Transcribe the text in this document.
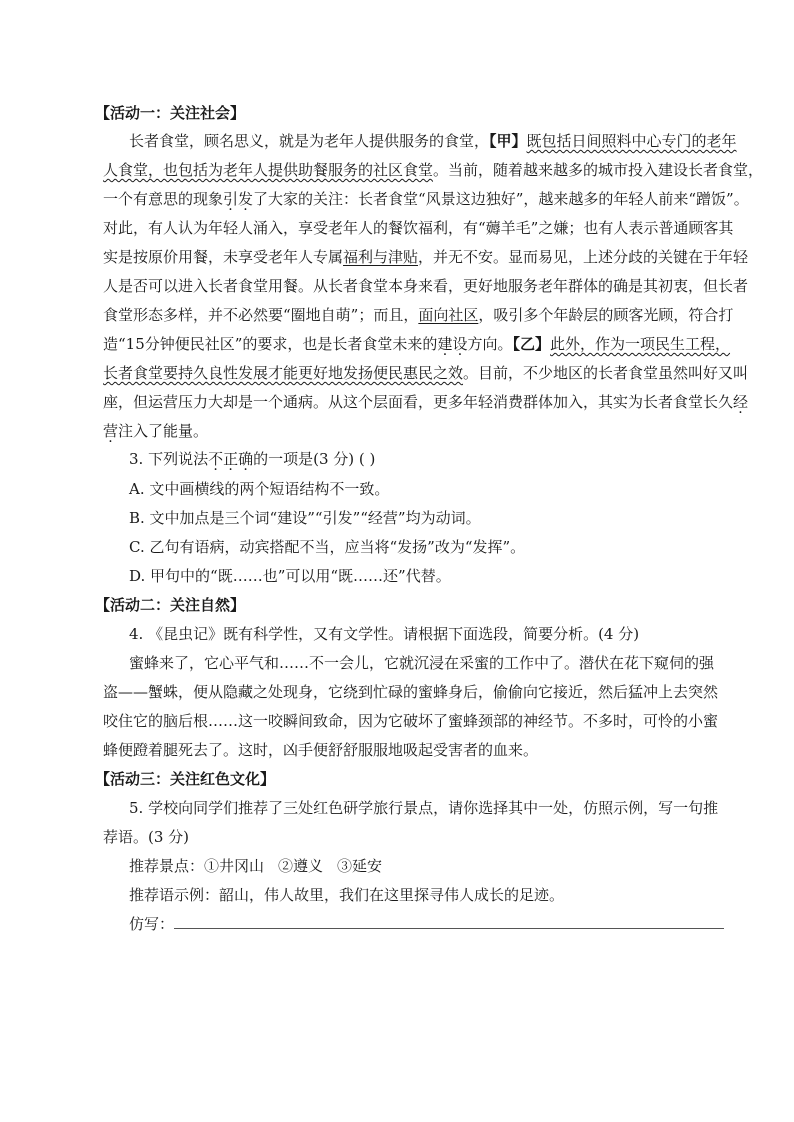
【活动一：关注社会】
长者食堂，顾名思义，就是为老年人提供服务的食堂，【甲】既包括日间照料中心专门的老年
人食堂，也包括为老年人提供助餐服务的社区食堂。当前，随着越来越多的城市投入建设长者食堂，
一个有意思的现象引发了大家的关注：长者食堂“风景这边独好”，越来越多的年轻人前来“蹭饭”。
对此，有人认为年轻人涌入，享受老年人的餐饮福利，有“薅羊毛”之嫌；也有人表示普通顾客其
实是按原价用餐，未享受老年人专属福利与津贴，并无不安。显而易见，上述分歧的关键在于年轻
人是否可以进入长者食堂用餐。从长者食堂本身来看，更好地服务老年群体的确是其初衷，但长者
食堂形态多样，并不必然要“圈地自萌”；而且，面向社区，吸引多个年龄层的顾客光顾，符合打
造“15分钟便民社区”的要求，也是长者食堂未来的建设方向。【乙】此外，作为一项民生工程，
长者食堂要持久良性发展才能更好地发扬便民惠民之效。目前，不少地区的长者食堂虽然叫好又叫
座，但运营压力大却是一个通病。从这个层面看，更多年轻消费群体加入，其实为长者食堂长久经
营注入了能量。
3. 下列说法不正确的一项是(3 分) ( )
A. 文中画横线的两个短语结构不一致。
B. 文中加点是三个词“建设”“引发”“经营”均为动词。
C. 乙句有语病，动宾搭配不当，应当将“发扬”改为“发挥”。
D. 甲句中的“既……也”可以用“既……还”代替。
【活动二：关注自然】
4. 《昆虫记》既有科学性，又有文学性。请根据下面选段，简要分析。(4 分)
蜜蜂来了，它心平气和……不一会儿，它就沉浸在采蜜的工作中了。潜伏在花下窥伺的强
盗——蟹蛛，便从隐藏之处现身，它绕到忙碌的蜜蜂身后，偷偷向它接近，然后猛冲上去突然
咬住它的脑后根……这一咬瞬间致命，因为它破坏了蜜蜂颈部的神经节。不多时，可怜的小蜜
蜂便蹬着腿死去了。这时，凶手便舒舒服服地吸起受害者的血来。
【活动三：关注红色文化】
5. 学校向同学们推荐了三处红色研学旅行景点，请你选择其中一处，仿照示例，写一句推
荐语。(3 分)
推荐景点：①井冈山 ②遵义 ③延安
推荐语示例：韶山，伟人故里，我们在这里探寻伟人成长的足迹。
仿写：
